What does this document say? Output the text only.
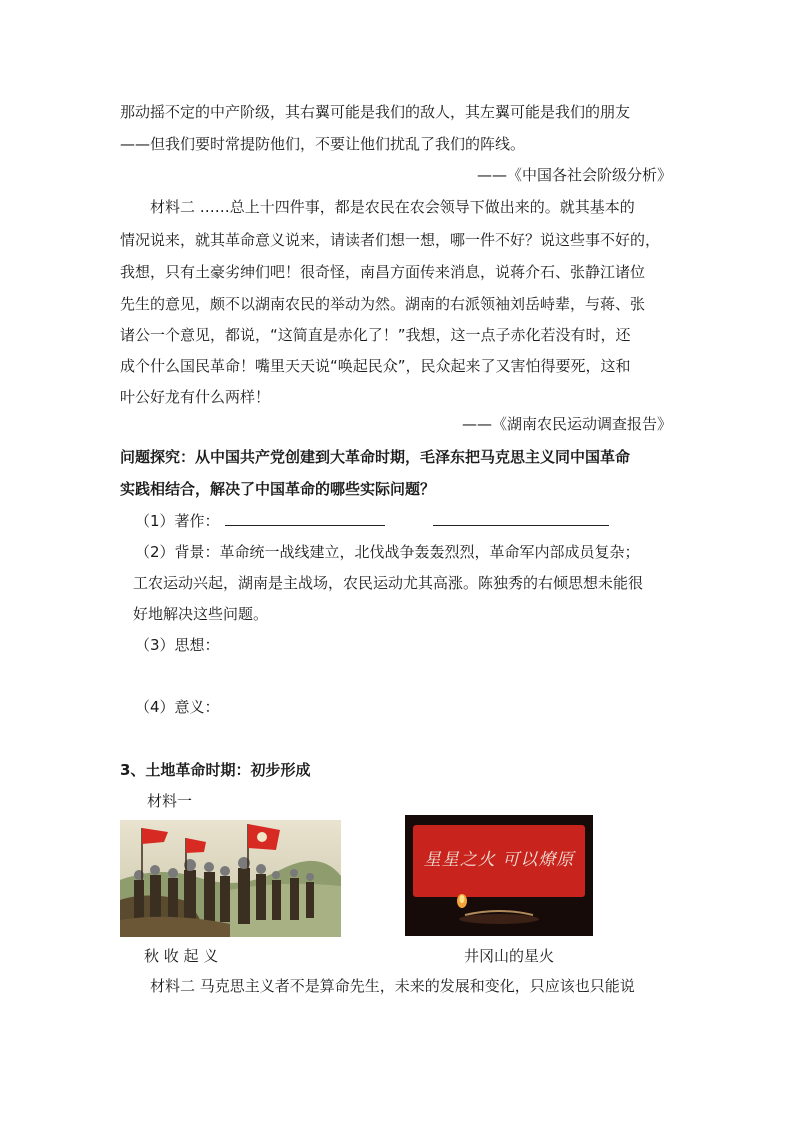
那动摇不定的中产阶级，其右翼可能是我们的敌人，其左翼可能是我们的朋友
——但我们要时常提防他们，不要让他们扰乱了我们的阵线。
——《中国各社会阶级分析》
材料二 ……总上十四件事，都是农民在农会领导下做出来的。就其基本的
情况说来，就其革命意义说来，请读者们想一想，哪一件不好？说这些事不好的，
我想，只有土豪劣绅们吧！很奇怪，南昌方面传来消息，说蒋介石、张静江诸位
先生的意见，颇不以湖南农民的举动为然。湖南的右派领袖刘岳峙辈，与蒋、张
诸公一个意见，都说，“这简直是赤化了！”我想，这一点子赤化若没有时，还
成个什么国民革命！嘴里天天说“唤起民众”，民众起来了又害怕得要死，这和
叶公好龙有什么两样！
——《湖南农民运动调查报告》
问题探究：从中国共产党创建到大革命时期，毛泽东把马克思主义同中国革命
实践相结合，解决了中国革命的哪些实际问题？
（1）著作：
（2）背景：革命统一战线建立，北伐战争轰轰烈烈，革命军内部成员复杂；
工农运动兴起，湖南是主战场，农民运动尤其高涨。陈独秀的右倾思想未能很
好地解决这些问题。
（3）思想：
（4）意义：
3、土地革命时期：初步形成
材料一
星星之火 可以燎原
秋 收 起 义	井冈山的星火
材料二 马克思主义者不是算命先生，未来的发展和变化，只应该也只能说
